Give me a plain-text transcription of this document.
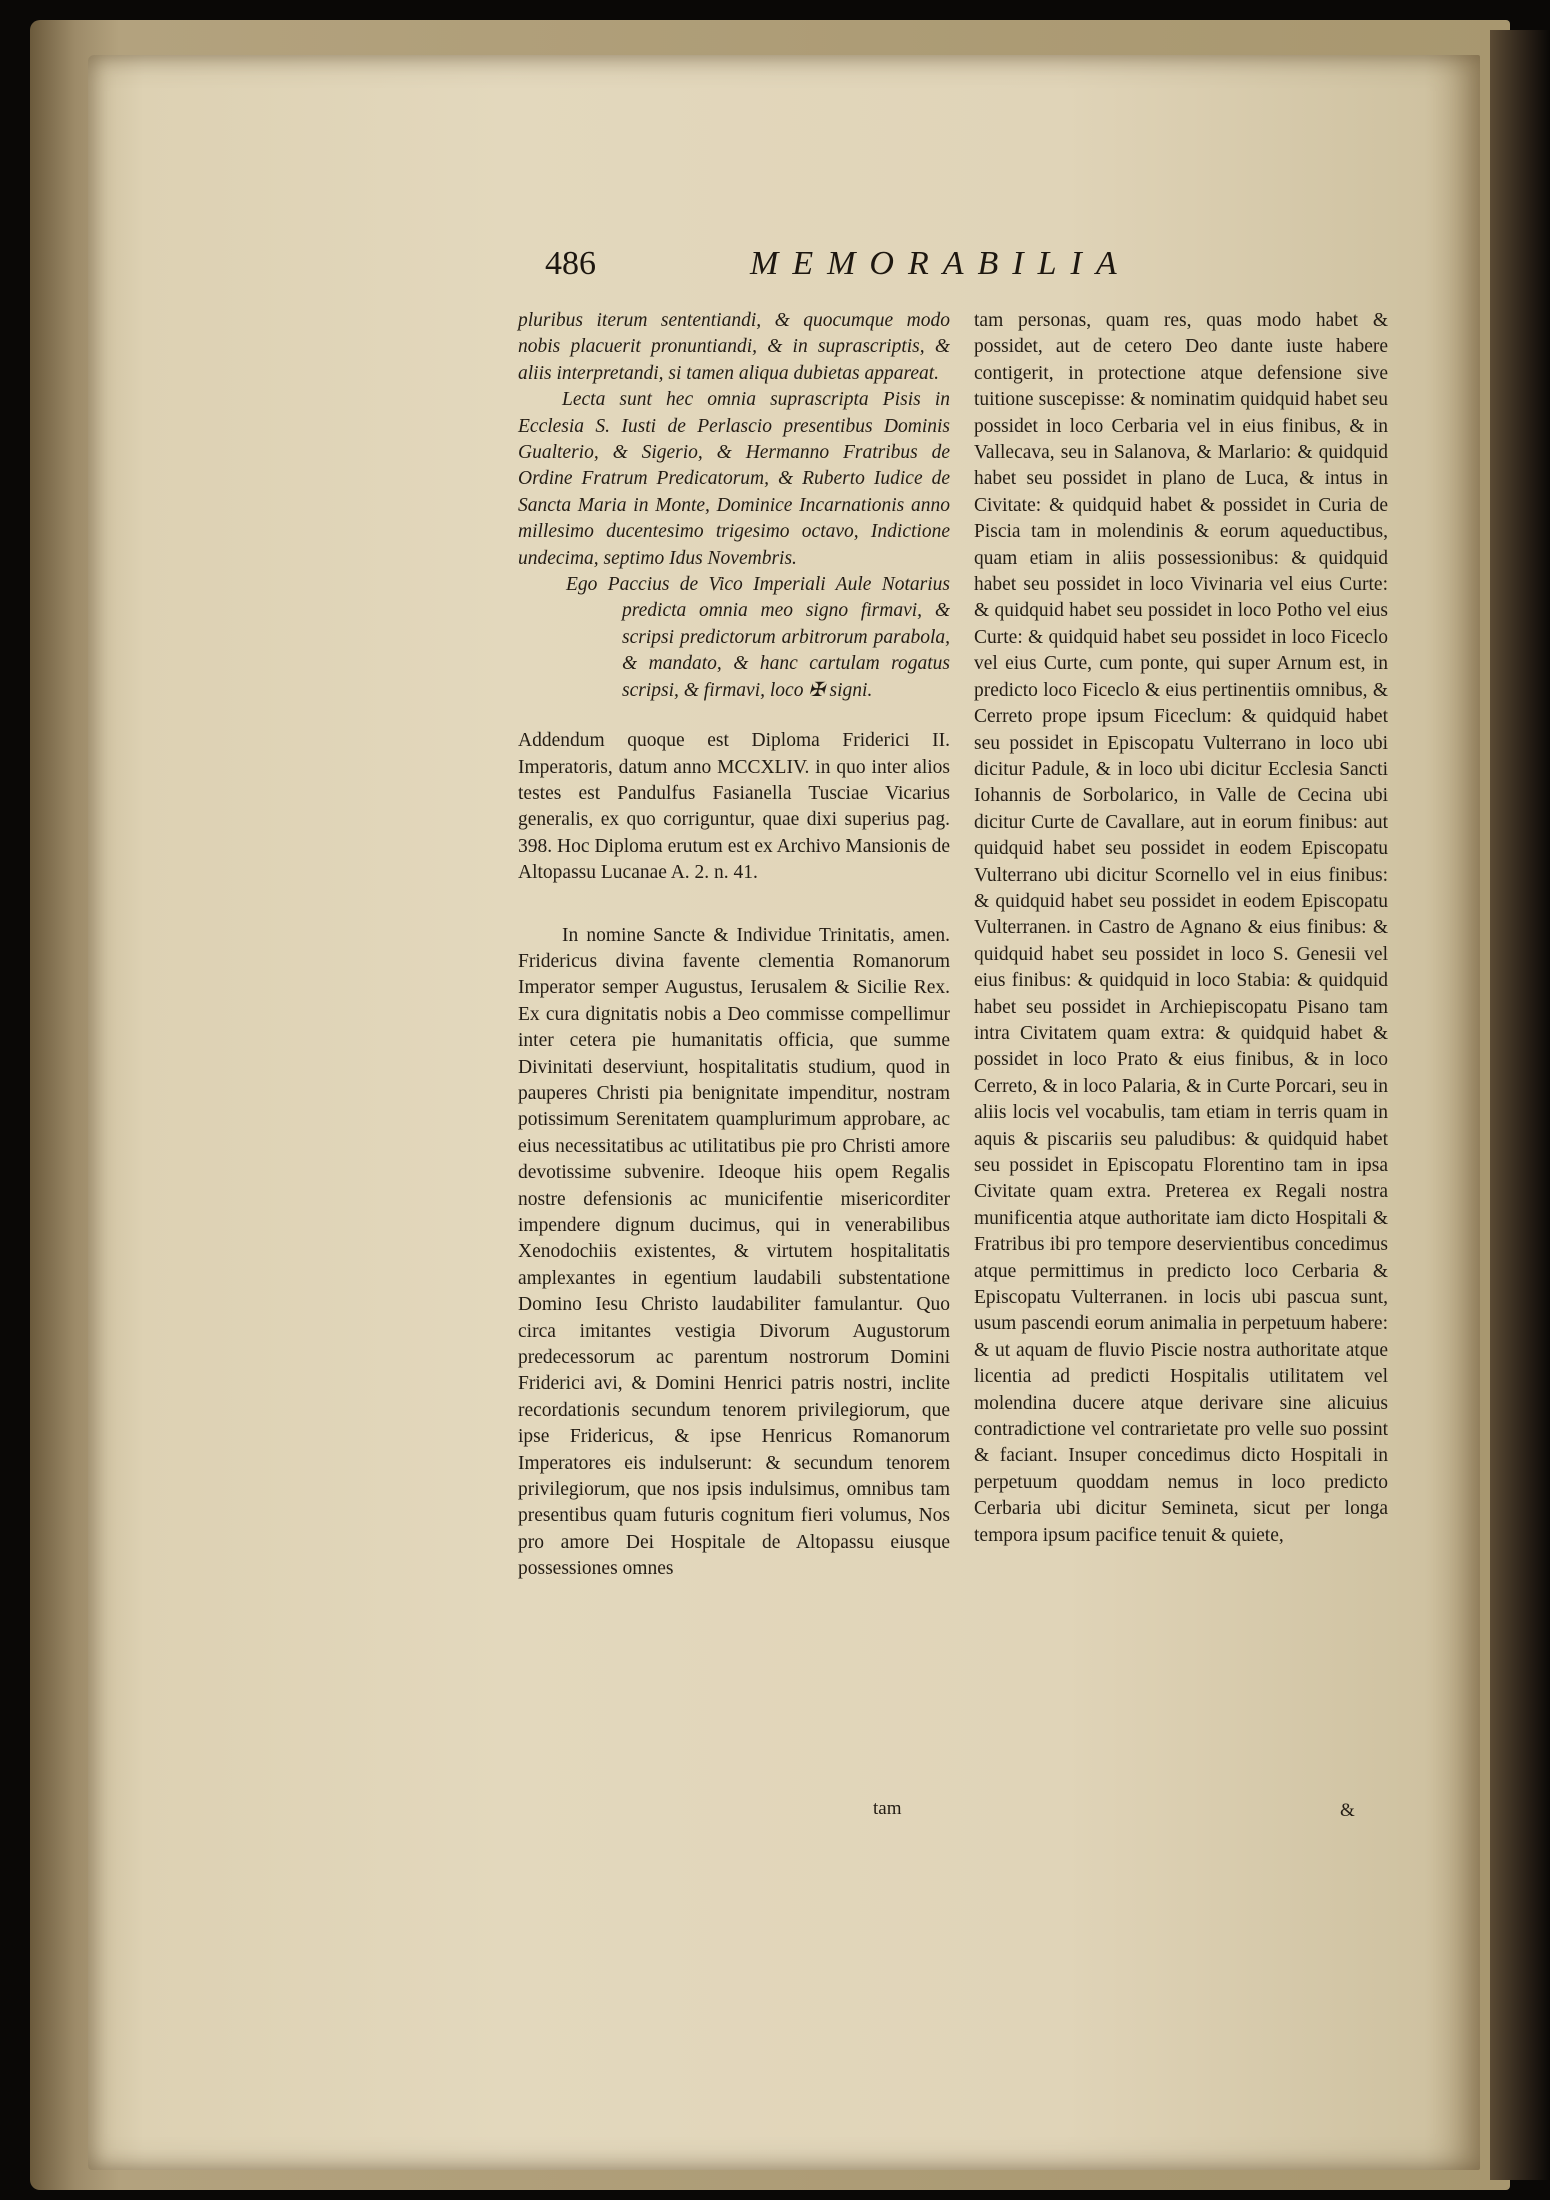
486	MEMORABILIA

pluribus iterum sententiandi, & quocumque modo nobis placuerit pronuntiandi, & in suprascriptis, & aliis interpretandi, si tamen aliqua dubietas appareat.

Lecta sunt hec omnia suprascripta Pisis in Ecclesia S. Iusti de Perlascio presentibus Dominis Gualterio, & Sigerio, & Hermanno Fratribus de Ordine Fratrum Predicatorum, & Ruberto Iudice de Sancta Maria in Monte, Dominice Incarnationis anno millesimo ducentesimo trigesimo octavo, Indictione undecima, septimo Idus Novembris.

Ego Paccius de Vico Imperiali Aule Notarius predicta omnia meo signo firmavi, & scripsi predictorum arbitrorum parabola, & mandato, & hanc cartulam rogatus scripsi, & firmavi, loco ✠ signi.

Addendum quoque est Diploma Friderici II. Imperatoris, datum anno MCCXLIV. in quo inter alios testes est Pandulfus Fasianella Tusciae Vicarius generalis, ex quo corriguntur, quae dixi superius pag. 398. Hoc Diploma erutum est ex Archivo Mansionis de Altopassu Lucanae A. 2. n. 41.

In nomine Sancte & Individue Trinitatis, amen. Fridericus divina favente clementia Romanorum Imperator semper Augustus, Ierusalem & Sicilie Rex. Ex cura dignitatis nobis a Deo commisse compellimur inter cetera pie humanitatis officia, que summe Divinitati deserviunt, hospitalitatis studium, quod in pauperes Christi pia benignitate impenditur, nostram potissimum Serenitatem quamplurimum approbare, ac eius necessitatibus ac utilitatibus pie pro Christi amore devotissime subvenire. Ideoque hiis opem Regalis nostre defensionis ac municifentie misericorditer impendere dignum ducimus, qui in venerabilibus Xenodochiis existentes, & virtutem hospitalitatis amplexantes in egentium laudabili substentatione Domino Iesu Christo laudabiliter famulantur. Quo circa imitantes vestigia Divorum Augustorum predecessorum ac parentum nostrorum Domini Friderici avi, & Domini Henrici patris nostri, inclite recordationis secundum tenorem privilegiorum, que ipse Fridericus, & ipse Henricus Romanorum Imperatores eis indulserunt: & secundum tenorem privilegiorum, que nos ipsis indulsimus, omnibus tam presentibus quam futuris cognitum fieri volumus, Nos pro amore Dei Hospitale de Altopassu eiusque possessiones omnes

tam

tam personas, quam res, quas modo habet & possidet, aut de cetero Deo dante iuste habere contigerit, in protectione atque defensione sive tuitione suscepisse: & nominatim quidquid habet seu possidet in loco Cerbaria vel in eius finibus, & in Vallecava, seu in Salanova, & Marlario: & quidquid habet seu possidet in plano de Luca, & intus in Civitate: & quidquid habet & possidet in Curia de Piscia tam in molendinis & eorum aqueductibus, quam etiam in aliis possessionibus: & quidquid habet seu possidet in loco Vivinaria vel eius Curte: & quidquid habet seu possidet in loco Potho vel eius Curte: & quidquid habet seu possidet in loco Ficeclo vel eius Curte, cum ponte, qui super Arnum est, in predicto loco Ficeclo & eius pertinentiis omnibus, & Cerreto prope ipsum Ficeclum: & quidquid habet seu possidet in Episcopatu Vulterrano in loco ubi dicitur Padule, & in loco ubi dicitur Ecclesia Sancti Iohannis de Sorbolarico, in Valle de Cecina ubi dicitur Curte de Cavallare, aut in eorum finibus: aut quidquid habet seu possidet in eodem Episcopatu Vulterrano ubi dicitur Scornello vel in eius finibus: & quidquid habet seu possidet in eodem Episcopatu Vulterranen. in Castro de Agnano & eius finibus: & quidquid habet seu possidet in loco S. Genesii vel eius finibus: & quidquid in loco Stabia: & quidquid habet seu possidet in Archiepiscopatu Pisano tam intra Civitatem quam extra: & quidquid habet & possidet in loco Prato & eius finibus, & in loco Cerreto, & in loco Palaria, & in Curte Porcari, seu in aliis locis vel vocabulis, tam etiam in terris quam in aquis & piscariis seu paludibus: & quidquid habet seu possidet in Episcopatu Florentino tam in ipsa Civitate quam extra. Preterea ex Regali nostra munificentia atque authoritate iam dicto Hospitali & Fratribus ibi pro tempore deservientibus concedimus atque permittimus in predicto loco Cerbaria & Episcopatu Vulterranen. in locis ubi pascua sunt, usum pascendi eorum animalia in perpetuum habere: & ut aquam de fluvio Piscie nostra authoritate atque licentia ad predicti Hospitalis utilitatem vel molendina ducere atque derivare sine alicuius contradictione vel contrarietate pro velle suo possint & faciant. Insuper concedimus dicto Hospitali in perpetuum quoddam nemus in loco predicto Cerbaria ubi dicitur Semineta, sicut per longa tempora ipsum pacifice tenuit & quiete,

&
